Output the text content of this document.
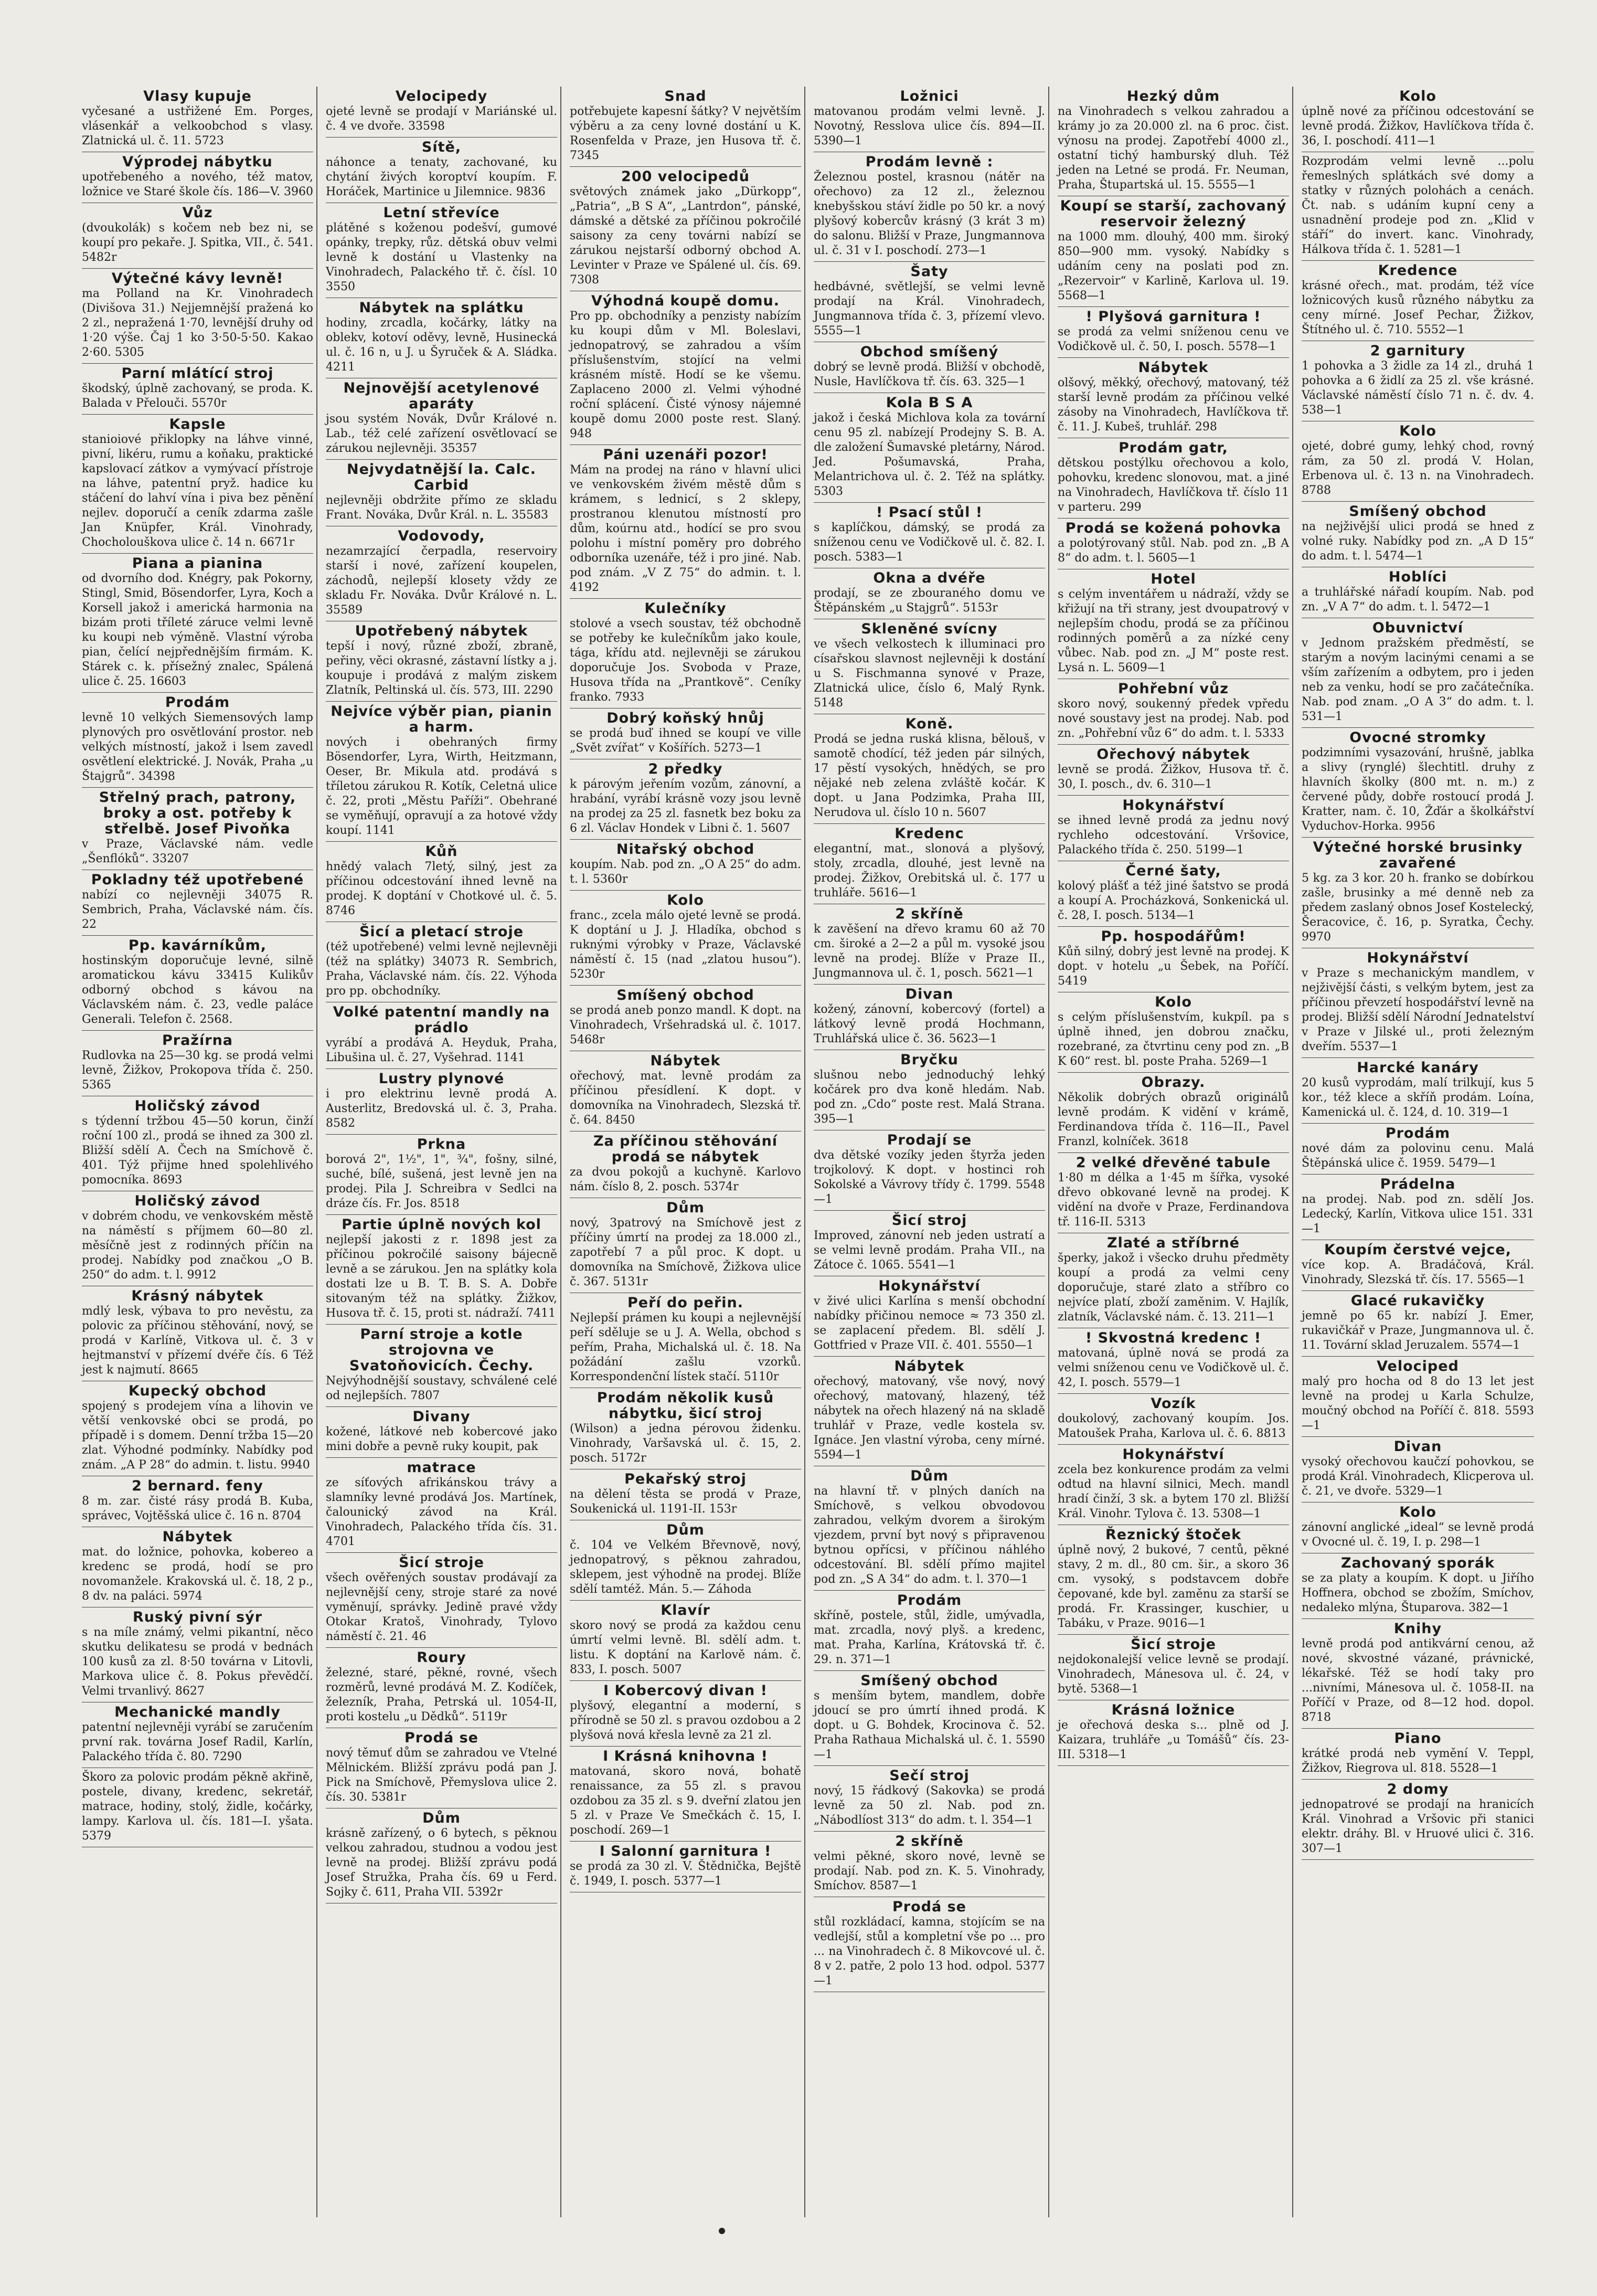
Vlasy kupuje
vyčesané a ustřižené Em. Porges, vlásenkář a velkoobchod s vlasy. Zlatnická ul. č. 11. 5723
Výprodej nábytku
upotřebeného a nového, též matov, ložnice ve Staré škole čís. 186—V. 3960
Vůz
(dvoukolák) s kočem neb bez ni, se koupí pro pekaře. J. Spitka, VII., č. 541. 5482r
Výtečné kávy levně!
ma Polland na Kr. Vinohradech (Divišova 31.) Nejjemnější pražená ko 2 zl., nepražená 1·70, levnější druhy od 1·20 výše. Čaj 1 ko 3·50-5·50. Kakao 2·60. 5305
Parní mlátící stroj
škodský, úplně zachovaný, se proda. K. Balada v Přelouči. 5570r
Kapsle
stanioiové přiklopky na láhve vinné, pivní, likéru, rumu a koňaku, praktické kapslovací zátkov a vymývací přístroje na láhve, patentní pryž. hadice ku stáčení do lahví vína i piva bez pěnění nejlev. doporučí a ceník zdarma zašle Jan Knüpfer, Král. Vinohrady, Chocholouškova ulice č. 14 n. 6671r
Piana a pianina
od dvorního dod. Knégry, pak Pokorny, Stingl, Smid, Bösendorfer, Lyra, Koch a Korsell jakož i americká harmonia na bizám proti tříleté záruce velmi levně ku koupi neb výměně. Vlastní výroba pian, čelící nejpřednějším firmám. K. Stárek c. k. přísežný znalec, Spálená ulice č. 25. 16603
Prodám
levně 10 velkých Siemensových lamp plynových pro osvětlování prostor. neb velkých místností, jakož i lsem zavedl osvětlení elektrické. J. Novák, Praha „u Štajgrů“. 34398
Střelný prach, patrony, broky a ost. potřeby k střelbě. Josef Pivoňka
v Praze, Václavské nám. vedle „Šenflóků“. 33207
Pokladny též upotřebené
nabízí co nejlevněji 34075 R. Sembrich, Praha, Václavské nám. čís. 22
Pp. kavárníkům,
hostinským doporučuje levné, silně aromatickou kávu 33415 Kulikův odborný obchod s kávou na Václavském nám. č. 23, vedle paláce Generali. Telefon č. 2568.
Pražírna
Rudlovka na 25—30 kg. se prodá velmi levně, Žižkov, Prokopova třída č. 250. 5365
Holičský závod
s týdenní tržbou 45—50 korun, činží roční 100 zl., prodá se ihned za 300 zl. Bližší sdělí A. Čech na Smíchově č. 401. Týž přijme hned spolehlivého pomocníka. 8693
Holičský závod
v dobrém chodu, ve venkovském městě na náměstí s příjmem 60—80 zl. měsíčně jest z rodinných příčin na prodej. Nabídky pod značkou „O B. 250“ do adm. t. l. 9912
Krásný nábytek
mdlý lesk, výbava to pro nevěstu, za polovic za příčinou stěhování, nový, se prodá v Karlíně, Vitkova ul. č. 3 v hejtmanství v přízemí dvéře čís. 6 Též jest k najmutí. 8665
Kupecký obchod
spojený s prodejem vína a lihovin ve větší venkovské obci se prodá, po případě i s domem. Denní tržba 15—20 zlat. Výhodné podmínky. Nabídky pod znám. „A P 28“ do admin. t. listu. 9940
2 bernard. feny
8 m. zar. čisté rásy prodá B. Kuba, správec, Vojtěšská ulice č. 16 n. 8704
Nábytek
mat. do ložnice, pohovka, kobereo a kredenc se prodá, hodí se pro novomanžele. Krakovská ul. č. 18, 2 p., 8 dv. na paláci. 5974
Ruský pivní sýr
s na míle známý, velmi pikantní, něco skutku delikatesu se prodá v bednách 100 kusů za zl. 8·50 továrna v Litovli, Markova ulice č. 8. Pokus převědčí. Velmi trvanlivý. 8627
Mechanické mandly
patentní nejlevněji vyrábí se zaručením první rak. továrna Josef Radil, Karlín, Palackého třída č. 80. 7290
Škoro za polovic prodám pěkně akřině, postele, divany, kredenc, sekretář, matrace, hodiny, stolý, židle, kočárky, lampy. Karlova ul. čís. 181—I. yšata. 5379
Velocipedy
ojeté levně se prodají v Mariánské ul. č. 4 ve dvoře. 33598
Sítě,
náhonce a tenaty, zachované, ku chytání živých koroptví koupím. F. Horáček, Martinice u Jilemnice. 9836
Letní střevíce
plátěné s koženou podešví, gumové opánky, trepky, růz. dětská obuv velmi levně k dostání u Vlastenky na Vinohradech, Palackého tř. č. čísl. 10 3550
Nábytek na splátku
hodiny, zrcadla, kočárky, látky na oblekv, kotoví oděvy, levně, Husinecká ul. č. 16 n, u J. u Šyruček & A. Sládka. 4211
Nejnovější acetylenové aparáty
jsou systém Novák, Dvůr Králové n. Lab., též celé zařízení osvětlovací se zárukou nejlevněji. 35357
Nejvydatnější la. Calc. Carbid
nejlevněji obdržite přímo ze skladu Frant. Nováka, Dvůr Král. n. L. 35583
Vodovody,
nezamrzající čerpadla, reservoiry starší i nové, zařízení koupelen, záchodů, nejlepší klosety vždy ze skladu Fr. Nováka. Dvůr Králové n. L. 35589
Upotřebený nábytek
tepší i nový, různé zboží, zbraně, peřiny, věci okrasné, zástavní lístky a j. koupuje i prodává z malým ziskem Zlatník, Peltinská ul. čís. 573, III. 2290
Nejvíce výběr pian, pianin a harm.
nových i obehraných firmy Bösendorfer, Lyra, Wirth, Heitzmann, Oeser, Br. Mikula atd. prodává s tříletou zárukou R. Kotík, Celetná ulice č. 22, proti „Městu Paříži“. Obehrané se vyměňují, opravují a za hotové vždy koupí. 1141
Kůň
hnědý valach 7letý, silný, jest za příčinou odcestování ihned levně na prodej. K doptání v Chotkové ul. č. 5. 8746
Šicí a pletací stroje
(též upotřebené) velmi levně nejlevněji (též na splátky) 34073 R. Sembrich, Praha, Václavské nám. čís. 22. Výhoda pro pp. obchodníky.
Volké patentní mandly na prádlo
vyrábí a prodává A. Heyduk, Praha, Libušina ul. č. 27, Vyšehrad. 1141
Lustry plynové
i pro elektrinu levně prodá A. Austerlitz, Bredovská ul. č. 3, Praha. 8582
Prkna
borová 2", 1½", 1", ¾", fošny, silné, suché, bílé, sušená, jest levně jen na prodej. Pila J. Schreibra v Sedlci na dráze čís. Fr. Jos. 8518
Partie úplně nových kol
nejlepší jakosti z r. 1898 jest za příčinou pokročilé saisony bájecně levně a se zárukou. Jen na splátky kola dostati lze u B. T. B. S. A. Dobře sitovaným též na splátky. Žižkov, Husova tř. č. 15, proti st. nádraží. 7411
Parní stroje a kotle strojovna ve Svatoňovicích. Čechy.
Nejvýhodnější soustavy, schválené celé od nejlepších. 7807
Divany
kožené, látkové neb kobercové jako mini dobře a pevně ruky koupit, pak
matrace
ze síťových afrikánskou trávy a slamníky levné prodává Jos. Martínek, čalounický závod na Král. Vinohradech, Palackého třída čís. 31. 4701
Šicí stroje
všech ověřených soustav prodávají za nejlevnější ceny, stroje staré za nové vyměnují, správky. Jedině pravé vždy Otokar Kratoš, Vinohrady, Tylovo náměstí č. 21. 46
Roury
železné, staré, pěkné, rovné, všech rozměrů, levné prodává M. Z. Kodíček, železník, Praha, Petrská ul. 1054-II, proti kostelu „u Dědků“. 5119r
Prodá se
nový těmuť dům se zahradou ve Vtelné Mělnickém. Bližší zprávu podá pan J. Pick na Smíchově, Přemyslova ulice 2. čís. 30. 5381r
Dům
krásně zařízený, o 6 bytech, s pěknou velkou zahradou, studnou a vodou jest levně na prodej. Bližší zprávu podá Josef Stružka, Praha čís. 69 u Ferd. Sojky č. 611, Praha VII. 5392r
Snad
potřebujete kapesní šátky? V největším výběru a za ceny lovné dostání u K. Rosenfelda v Praze, jen Husova tř. č. 7345
200 velocipedů
světových známek jako „Dürkopp“, „Patria“, „B S A“, „Lantrdon“, pánské, dámské a dětské za příčinou pokročilé saisony za ceny továrni nabízí se zárukou nejstarší odborný obchod A. Levinter v Praze ve Spálené ul. čís. 69. 7308
Výhodná koupě domu.
Pro pp. obchodníky a penzisty nabízím ku koupi dům v Ml. Boleslavi, jednopatrový, se zahradou a vším příslušenstvím, stojící na velmi krásném místě. Hodí se ke všemu. Zaplaceno 2000 zl. Velmi výhodné roční splácení. Čisté výnosy nájemné koupě domu 2000 poste rest. Slaný. 948
Páni uzenáři pozor!
Mám na prodej na ráno v hlavní ulici ve venkovském živém městě dům s krámem, s lednicí, s 2 sklepy, prostranou klenutou místností pro dům, koúrnu atd., hodící se pro svou polohu i místní poměry pro dobrého odborníka uzenáře, též i pro jiné. Nab. pod znám. „V Z 75“ do admin. t. l. 4192
Kulečníky
stolové a vsech soustav, též obchodně se potřeby ke kulečníkům jako koule, tága, křídu atd. nejlevněji se zárukou doporučuje Jos. Svoboda v Praze, Husova třída na „Prantkově“. Ceníky franko. 7933
Dobrý koňský hnůj
se prodá buď ihned se koupí ve ville „Svět zvířat“ v Košířích. 5273—1
2 předky
k párovým jeřením vozům, zánovní, a hrabání, vyrábí krásně vozy jsou levně na prodej za 25 zl. fasnetk bez boku za 6 zl. Václav Hondek v Libni č. 1. 5607
Nitařský obchod
koupím. Nab. pod zn. „O A 25“ do adm. t. l. 5360r
Kolo
franc., zcela málo ojeté levně se prodá. K doptání u J. J. Hladíka, obchod s ruknými výrobky v Praze, Václavské náměstí č. 15 (nad „zlatou husou“). 5230r
Smíšený obchod
se prodá aneb ponzo mandl. K dopt. na Vinohradech, Vršehradská ul. č. 1017. 5468r
Nábytek
ořechový, mat. levně prodám za příčinou přesídlení. K dopt. v domovníka na Vinohradech, Slezská tř. č. 64. 8450
Za příčinou stěhování prodá se nábytek
za dvou pokojů a kuchyně. Karlovo nám. číslo 8, 2. posch. 5374r
Dům
nový, 3patrový na Smíchově jest z příčiny úmrtí na prodej za 18.000 zl., zapotřebí 7 a půl proc. K dopt. u domovníka na Smíchově, Žižkova ulice č. 367. 5131r
Peří do peřin.
Nejlepší prámen ku koupi a nejlevnější peří sděluje se u J. A. Wella, obchod s peřím, Praha, Michalská ul. č. 18. Na požádání zašlu vzorků. Korrespondenční lístek stačí. 5110r
Prodám několik kusů nábytku, šicí stroj
(Wilson) a jedna pérovou židenku. Vinohrady, Varšavská ul. č. 15, 2. posch. 5172r
Pekařský stroj
na dělení těsta se prodá v Praze, Soukenická ul. 1191-II. 153r
Dům
č. 104 ve Velkém Břevnově, nový, jednopatrový, s pěknou zahradou, sklepem, jest výhodně na prodej. Blíže sdělí tamtéž. Mán. 5.— Záhoda
Klavír
skoro nový se prodá za každou cenu úmrtí velmi levně. Bl. sdělí adm. t. listu. K doptání na Karlově nám. č. 833, I. posch. 5007
I Kobercový divan !
plyšový, elegantní a moderní, s přírodně se 50 zl. s pravou ozdobou a 2 plyšová nová křesla levně za 21 zl.
I Krásná knihovna !
matovaná, skoro nová, bohatě renaissance, za 55 zl. s pravou ozdobou za 35 zl. s 9. dveřní zlatou jen 5 zl. v Praze Ve Smečkách č. 15, I. poschodí. 269—1
I Salonní garnitura !
se prodá za 30 zl. V. Štědnička, Bejště č. 1949, I. posch. 5377—1
Ložnici
matovanou prodám velmi levně. J. Novotný, Resslova ulice čís. 894—II. 5390—1
Prodám levně :
Železnou postel, krasnou (nátěr na ořechovo) za 12 zl., železnou knebyšskou stáví židle po 50 kr. a nový plyšový kobercův krásný (3 krát 3 m) do salonu. Bližší v Praze, Jungmannova ul. č. 31 v I. poschodí. 273—1
Šaty
hedbávné, světlejší, se velmi levně prodají na Král. Vinohradech, Jungmannova třída č. 3, přízemí vlevo. 5555—1
Obchod smíšený
dobrý se levně prodá. Bližší v obchodě, Nusle, Havlíčkova tř. čís. 63. 325—1
Kola B S A
jakož i česká Michlova kola za tovární cenu 95 zl. nabízejí Prodejny S. B. A. dle založení Šumavské pletárny, Národ. Jed. Pošumavská, Praha, Melantrichova ul. č. 2. Též na splátky. 5303
! Psací stůl !
s kaplíčkou, dámský, se prodá za sníženou cenu ve Vodičkově ul. č. 82. I. posch. 5383—1
Okna a dvéře
prodají, se ze zbouraného domu ve Štěpánském „u Stajgrů“. 5153r
Skleněné svícny
ve všech velkostech k illuminaci pro císařskou slavnost nejlevněji k dostání u S. Fischmanna synové v Praze, Zlatnická ulice, číslo 6, Malý Rynk. 5148
Koně.
Prodá se jedna ruská klisna, bělouš, v samotě chodící, též jeden pár silných, 17 pěstí vysokých, hnědých, se pro nějaké neb zelena zvláště kočár. K dopt. u Jana Podzimka, Praha III, Nerudova ul. číslo 10 n. 5607
Kredenc
elegantní, mat., slonová a plyšový, stoly, zrcadla, dlouhé, jest levně na prodej. Žižkov, Orebitská ul. č. 177 u truhláře. 5616—1
2 skříně
k zavěšení na dřevo kramu 60 až 70 cm. široké a 2—2 a půl m. vysoké jsou levně na prodej. Blíže v Praze II., Jungmannova ul. č. 1, posch. 5621—1
Divan
kožený, zánovní, kobercový (fortel) a látkový levně prodá Hochmann, Truhlářská ulice č. 36. 5623—1
Bryčku
slušnou nebo jednoduchý lehký kočárek pro dva koně hledám. Nab. pod zn. „Cdo“ poste rest. Malá Strana. 395—1
Prodají se
dva dětské vozíky jeden štyrža jeden trojkolový. K dopt. v hostinci roh Sokolské a Vávrovy třídy č. 1799. 5548—1
Šicí stroj
Improved, zánovní neb jeden ustratí a se velmi levně prodám. Praha VII., na Zátoce č. 1065. 5541—1
Hokynářství
v živé ulici Karlína s menší obchodní nabídky přičinou nemoce ≈ 73 350 zl. se zaplacení předem. Bl. sdělí J. Gottfried v Praze VII. č. 401. 5550—1
Nábytek
ořechový, matovaný, vše nový, nový ořechový, matovaný, hlazený, též nábytek na ořech hlazený ná na skladě truhlář v Praze, vedle kostela sv. Ignáce. Jen vlastní výroba, ceny mírné. 5594—1
Dům
na hlavní tř. v plných daních na Smíchově, s velkou obvodovou zahradou, velkým dvorem a širokým vjezdem, první byt nový s připravenou bytnou opřícsi, v příčinou náhlého odcestování. Bl. sdělí přímo majitel pod zn. „S A 34“ do adm. t. l. 370—1
Prodám
skříně, postele, stůl, židle, umývadla, mat. zrcadla, nový plyš. a kredenc, mat. Praha, Karlína, Krátovská tř. č. 29. n. 371—1
Smíšený obchod
s menším bytem, mandlem, dobře jdoucí se pro úmrtí ihned prodá. K dopt. u G. Bohdek, Krocinova č. 52. Praha Rathaua Michalská ul. č. 1. 5590—1
Sečí stroj
nový, 15 řádkový (Sakovka) se prodá levně za 50 zl. Nab. pod zn. „Nábodlíost 313“ do adm. t. l. 354—1
2 skříně
velmi pěkné, skoro nové, levně se prodají. Nab. pod zn. K. 5. Vinohrady, Smíchov. 8587—1
Prodá se
stůl rozkládací, kamna, stojícím se na vedlejší, stůl a kompletní vše po ... pro ... na Vinohradech č. 8 Mikovcové ul. č. 8 v 2. patře, 2 polo 13 hod. odpol. 5377—1
Hezký dům
na Vinohradech s velkou zahradou a krámy jo za 20.000 zl. na 6 proc. čist. výnosu na prodej. Zapotřebí 4000 zl., ostatní tichý hamburský dluh. Též jeden na Letné se prodá. Fr. Neuman, Praha, Štupartská ul. 15. 5555—1
Koupí se starší, zachovaný reservoir železný
na 1000 mm. dlouhý, 400 mm. široký 850—900 mm. vysoký. Nabídky s udáním ceny na poslati pod zn. „Rezervoir“ v Karlině, Karlova ul. 19. 5568—1
! Plyšová garnitura !
se prodá za velmi sníženou cenu ve Vodičkově ul. č. 50, I. posch. 5578—1
Nábytek
olšový, měkký, ořechový, matovaný, též starší levně prodám za příčinou velké zásoby na Vinohradech, Havlíčkova tř. č. 11. J. Kubeš, truhlář. 298
Prodám gatr,
dětskou postýlku ořechovou a kolo, pohovku, kredenc slonovou, mat. a jiné na Vinohradech, Havlíčkova tř. číslo 11 v parteru. 299
Prodá se kožená pohovka
a polotýrovaný stůl. Nab. pod zn. „B A 8“ do adm. t. l. 5605—1
Hotel
s celým inventářem u nádraží, vždy se křižují na tři strany, jest dvoupatrový v nejlepším chodu, prodá se za příčinou rodinných poměrů a za nízké ceny vůbec. Nab. pod zn. „J M“ poste rest. Lysá n. L. 5609—1
Pohřební vůz
skoro nový, soukenný předek vpředu nové soustavy jest na prodej. Nab. pod zn. „Pohřební vůz 6“ do adm. t. l. 5333
Ořechový nábytek
levně se prodá. Žižkov, Husova tř. č. 30, I. posch., dv. 6. 310—1
Hokynářství
se ihned levně prodá za jednu nový rychleho odcestování. Vršovice, Palackého třída č. 250. 5199—1
Černé šaty,
kolový plášť a též jiné šatstvo se prodá a koupí A. Procházková, Sonkenická ul. č. 28, I. posch. 5134—1
Pp. hospodářům!
Kůň silný, dobrý jest levně na prodej. K dopt. v hotelu „u Šebek, na Poříčí. 5419
Kolo
s celým příslušenstvím, kukpíl. pa s úplně ihned, jen dobrou značku, rozebrané, za čtvrtinu ceny pod zn. „B K 60“ rest. bl. poste Praha. 5269—1
Obrazy.
Několik dobrých obrazů originálů levně prodám. K vidění v krámě, Ferdinandova třída č. 116—II., Pavel Franzl, kolníček. 3618
2 velké dřevěné tabule
1·80 m délka a 1·45 m šířka, vysoké dřevo obkované levně na prodej. K vidění na dvoře v Praze, Ferdinandova tř. 116-II. 5313
Zlaté a stříbrné
šperky, jakož i všecko druhu předměty koupí a prodá za velmi ceny doporučuje, staré zlato a stříbro co nejvíce platí, zboží zaměnim. V. Hajlík, zlatník, Václavské nám. č. 13. 211—1
! Skvostná kredenc !
matovaná, úplně nová se prodá za velmi sníženou cenu ve Vodičkově ul. č. 42, I. posch. 5579—1
Vozík
doukolový, zachovaný koupím. Jos. Matoušek Praha, Karlova ul. č. 6. 8813
Hokynářství
zcela bez konkurence prodám za velmi odtud na hlavní silnici, Mech. mandl hradí činží, 3 sk. a bytem 170 zl. Bližší Král. Vinohr. Tylova č. 13. 5308—1
Řeznický štoček
úplně nový, 2 bukové, 7 centů, pěkné stavy, 2 m. dl., 80 cm. šir., a skoro 36 cm. vysoký, s podstavcem dobře čepované, kde byl. zaměnu za starší se prodá. Fr. Krassinger, kuschier, u Tabáku, v Praze. 9016—1
Šicí stroje
nejdokonalejší velice levně se prodají. Vinohradech, Mánesova ul. č. 24, v bytě. 5368—1
Krásná ložnice
je ořechová deska s... plně od J. Kaizara, truhláře „u Tomášů“ čís. 23-III. 5318—1
Kolo
úplně nové za příčinou odcestování se levně prodá. Žižkov, Havlíčkova třída č. 36, I. poschodí. 411—1
Rozprodám velmi levně ...polu řemeslných splátkách své domy a statky v různých polohách a cenách. Čt. nab. s udáním kupní ceny a usnadnění prodeje pod zn. „Klid v stáří“ do invert. kanc. Vinohrady, Hálkova třída č. 1. 5281—1
Kredence
krásné ořech., mat. prodám, též více ložnicových kusů různého nábytku za ceny mírné. Josef Pechar, Žižkov, Štítného ul. č. 710. 5552—1
2 garnitury
1 pohovka a 3 židle za 14 zl., druhá 1 pohovka a 6 židlí za 25 zl. vše krásné. Václavské náměstí číslo 71 n. č. dv. 4. 538—1
Kolo
ojeté, dobré gumy, lehký chod, rovný rám, za 50 zl. prodá V. Holan, Erbenova ul. č. 13 n. na Vinohradech. 8788
Smíšený obchod
na nejživější ulici prodá se hned z volné ruky. Nabídky pod zn. „A D 15“ do adm. t. l. 5474—1
Hoblíci
a truhlářské nářadí koupím. Nab. pod zn. „V A 7“ do adm. t. l. 5472—1
Obuvnictví
v Jednom pražském předměstí, se starým a novým lacinými cenami a se vším zařízením a odbytem, pro i jeden neb za venku, hodí se pro začátečníka. Nab. pod znam. „O A 3“ do adm. t. l. 531—1
Ovocné stromky
podzimními vysazování, hrušně, jablka a slivy (rynglé) šlechtitl. druhy z hlavních školky (800 mt. n. m.) z červené půdy, dobře rostoucí prodá J. Kratter, nam. č. 10, Žďár a školkářství Vyduchov-Horka. 9956
Výtečné horské brusinky zavařené
5 kg. za 3 kor. 20 h. franko se dobírkou zašle, brusinky a mé denně neb za předem zaslaný obnos Josef Kostelecký, Šeracovice, č. 16, p. Syratka, Čechy. 9970
Hokynářství
v Praze s mechanickým mandlem, v nejživější části, s velkým bytem, jest za příčinou převzetí hospodářství levně na prodej. Bližší sdělí Národní Jednatelství v Praze v Jilské ul., proti železným dveřím. 5537—1
Harcké kanáry
20 kusů vyprodám, malí trilkují, kus 5 kor., též klece a skříň prodám. Loína, Kamenická ul. č. 124, d. 10. 319—1
Prodám
nové dám za polovinu cenu. Malá Štěpánská ulice č. 1959. 5479—1
Prádelna
na prodej. Nab. pod zn. sdělí Jos. Ledecký, Karlín, Vitkova ulice 151. 331—1
Koupím čerstvé vejce,
více kop. A. Bradáčová, Král. Vinohrady, Slezská tř. čís. 17. 5565—1
Glacé rukavičky
jemně po 65 kr. nabízí J. Emer, rukavičkář v Praze, Jungmannova ul. č. 11. Tovární sklad Jeruzalem. 5574—1
Velociped
malý pro hocha od 8 do 13 let jest levně na prodej u Karla Schulze, moučný obchod na Poříčí č. 818. 5593—1
Divan
vysoký ořechovou kaučzí pohovkou, se prodá Král. Vinohradech, Klicperova ul. č. 21, ve dvoře. 5329—1
Kolo
zánovní anglické „ideal“ se levně prodá v Ovocné ul. č. 19, I. p. 298—1
Zachovaný sporák
se za platy a koupím. K dopt. u Jiřího Hoffnera, obchod se zbožím, Smíchov, nedaleko mlýna, Štuparova. 382—1
Knihy
levně prodá pod antikvární cenou, až nové, skvostné vázané, právnické, lékařské. Též se hodí taky pro ...nivními, Mánesova ul. č. 1058-II. na Poříčí v Praze, od 8—12 hod. dopol. 8718
Piano
krátké prodá neb vymění V. Teppl, Žižkov, Riegrova ul. 818. 5528—1
2 domy
jednopatrové se prodají na hranicích Král. Vinohrad a Vršovic při stanici elektr. dráhy. Bl. v Hruové ulici č. 316. 307—1
